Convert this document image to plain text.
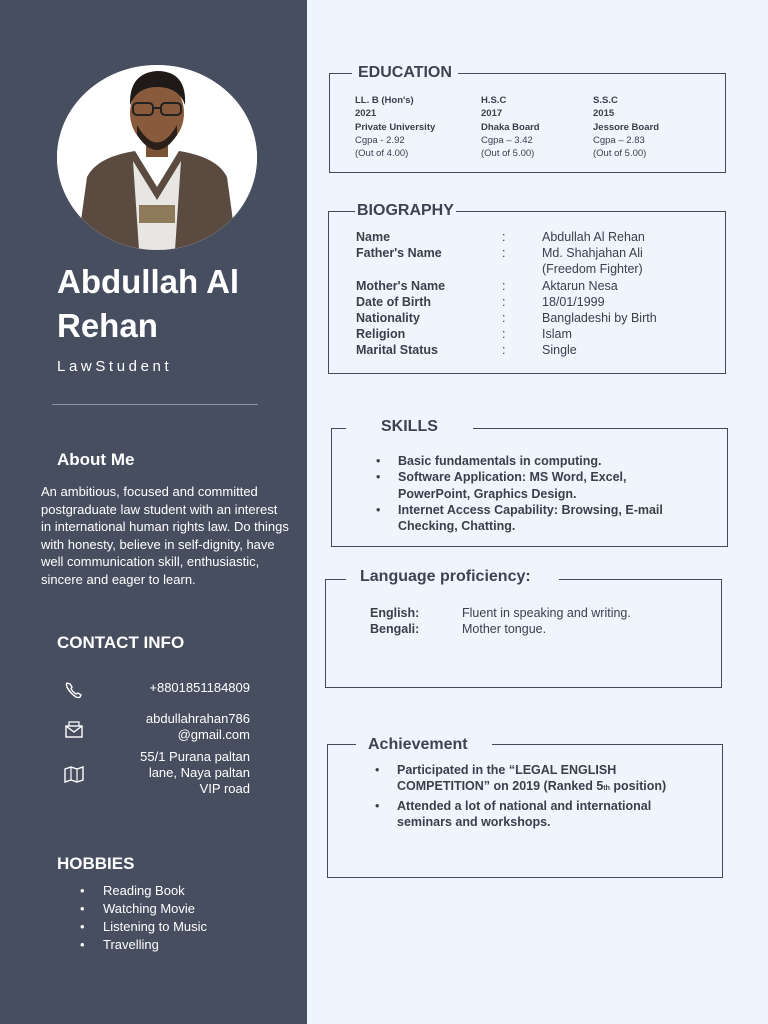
Abdullah Al Rehan
LawStudent
About Me
An ambitious, focused and committed postgraduate law student with an interest in international human rights law. Do things with honesty, believe in self-dignity, have well communication skill, enthusiastic, sincere and eager to learn.
CONTACT INFO
+8801851184809
abdullahrahan786
@gmail.com
55/1 Purana paltan
lane, Naya paltan
VIP road
HOBBIES
• Reading Book
• Watching Movie
• Listening to Music
• Travelling
EDUCATION
LL. B (Hon's)
2021
Private University
Cgpa - 2.92
(Out of 4.00)
H.S.C
2017
Dhaka Board
Cgpa – 3.42
(Out of 5.00)
S.S.C
2015
Jessore Board
Cgpa – 2.83
(Out of 5.00)
BIOGRAPHY
Name	:	Abdullah Al Rehan
Father's Name	:	Md. Shahjahan Ali
(Freedom Fighter)
Mother's Name	:	Aktarun Nesa
Date of Birth	:	18/01/1999
Nationality	:	Bangladeshi by Birth
Religion	:	Islam
Marital Status	:	Single
SKILLS
• Basic fundamentals in computing.
• Software Application: MS Word, Excel,
PowerPoint, Graphics Design.
• Internet Access Capability: Browsing, E-mail
Checking, Chatting.
Language proficiency:
English:	Fluent in speaking and writing.
Bengali:	Mother tongue.
Achievement
• Participated in the “LEGAL ENGLISH
COMPETITION” on 2019 (Ranked 5th position)
• Attended a lot of national and international
seminars and workshops.
